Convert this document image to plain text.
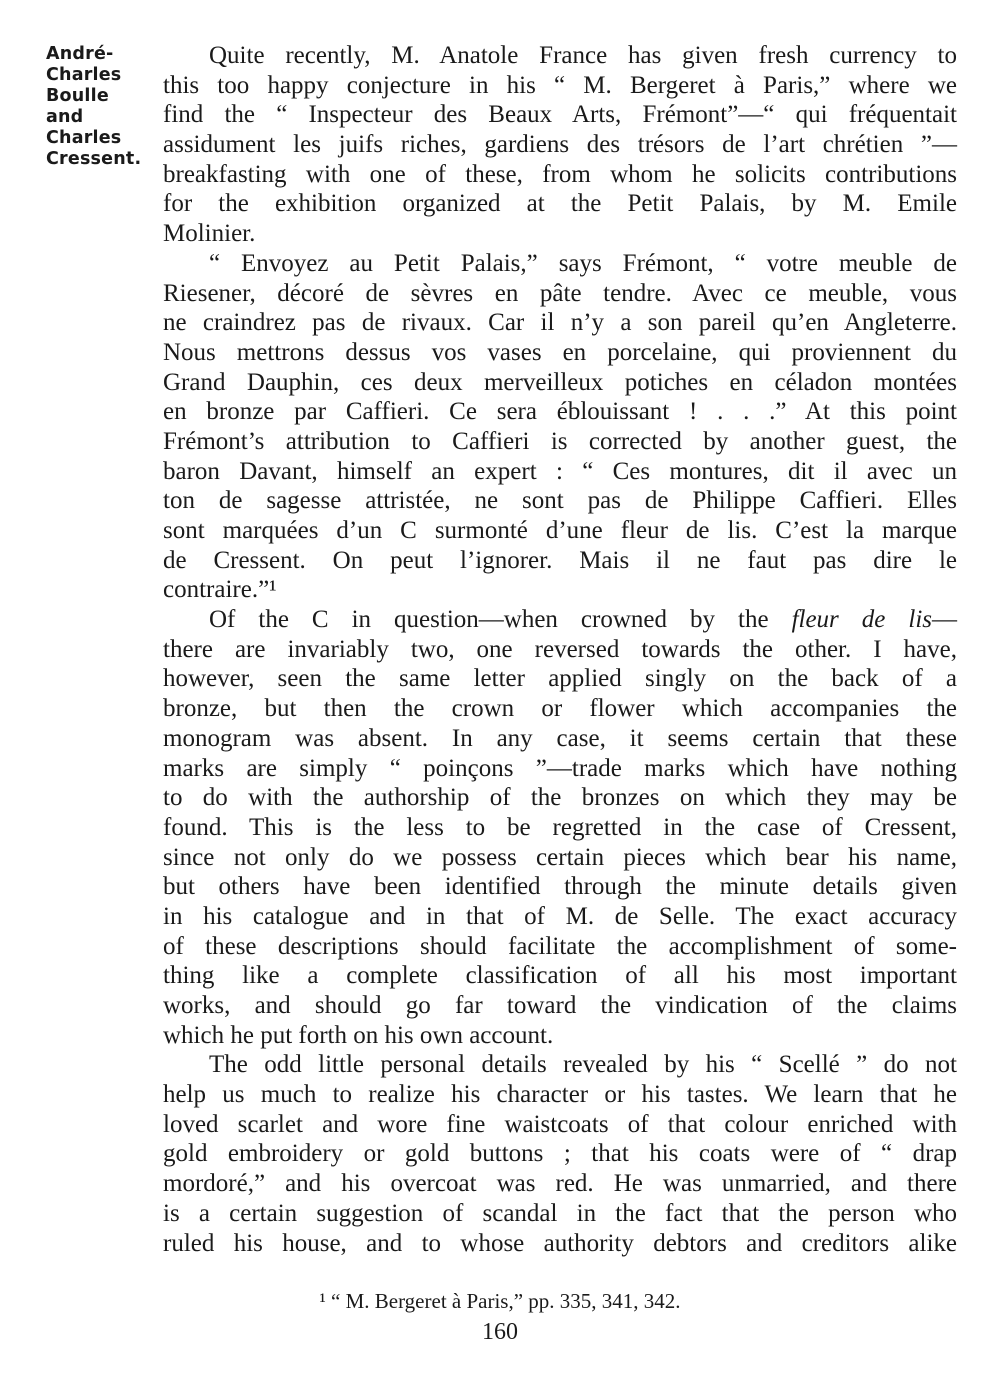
André-
Charles
Boulle
and
Charles
Cressent.
Quite recently, M. Anatole France has given fresh currency to
this too happy conjecture in his “ M. Bergeret à Paris,” where we
find the “ Inspecteur des Beaux Arts, Frémont”—“ qui fréquentait
assidument les juifs riches, gardiens des trésors de l’art chrétien ”—
breakfasting with one of these, from whom he solicits contributions
for the exhibition organized at the Petit Palais, by M. Emile
Molinier.
“ Envoyez au Petit Palais,” says Frémont, “ votre meuble de
Riesener, décoré de sèvres en pâte tendre. Avec ce meuble, vous
ne craindrez pas de rivaux. Car il n’y a son pareil qu’en Angleterre.
Nous mettrons dessus vos vases en porcelaine, qui proviennent du
Grand Dauphin, ces deux merveilleux potiches en céladon montées
en bronze par Caffieri. Ce sera éblouissant ! . . .” At this point
Frémont’s attribution to Caffieri is corrected by another guest, the
baron Davant, himself an expert : “ Ces montures, dit il avec un
ton de sagesse attristée, ne sont pas de Philippe Caffieri. Elles
sont marquées d’un C surmonté d’une fleur de lis. C’est la marque
de Cressent. On peut l’ignorer. Mais il ne faut pas dire le
contraire.”¹
Of the C in question—when crowned by the fleur de lis—
there are invariably two, one reversed towards the other. I have,
however, seen the same letter applied singly on the back of a
bronze, but then the crown or flower which accompanies the
monogram was absent. In any case, it seems certain that these
marks are simply “ poinçons ”—trade marks which have nothing
to do with the authorship of the bronzes on which they may be
found. This is the less to be regretted in the case of Cressent,
since not only do we possess certain pieces which bear his name,
but others have been identified through the minute details given
in his catalogue and in that of M. de Selle. The exact accuracy
of these descriptions should facilitate the accomplishment of some-
thing like a complete classification of all his most important
works, and should go far toward the vindication of the claims
which he put forth on his own account.
The odd little personal details revealed by his “ Scellé ” do not
help us much to realize his character or his tastes. We learn that he
loved scarlet and wore fine waistcoats of that colour enriched with
gold embroidery or gold buttons ; that his coats were of “ drap
mordoré,” and his overcoat was red. He was unmarried, and there
is a certain suggestion of scandal in the fact that the person who
ruled his house, and to whose authority debtors and creditors alike
¹ “ M. Bergeret à Paris,” pp. 335, 341, 342.
160
